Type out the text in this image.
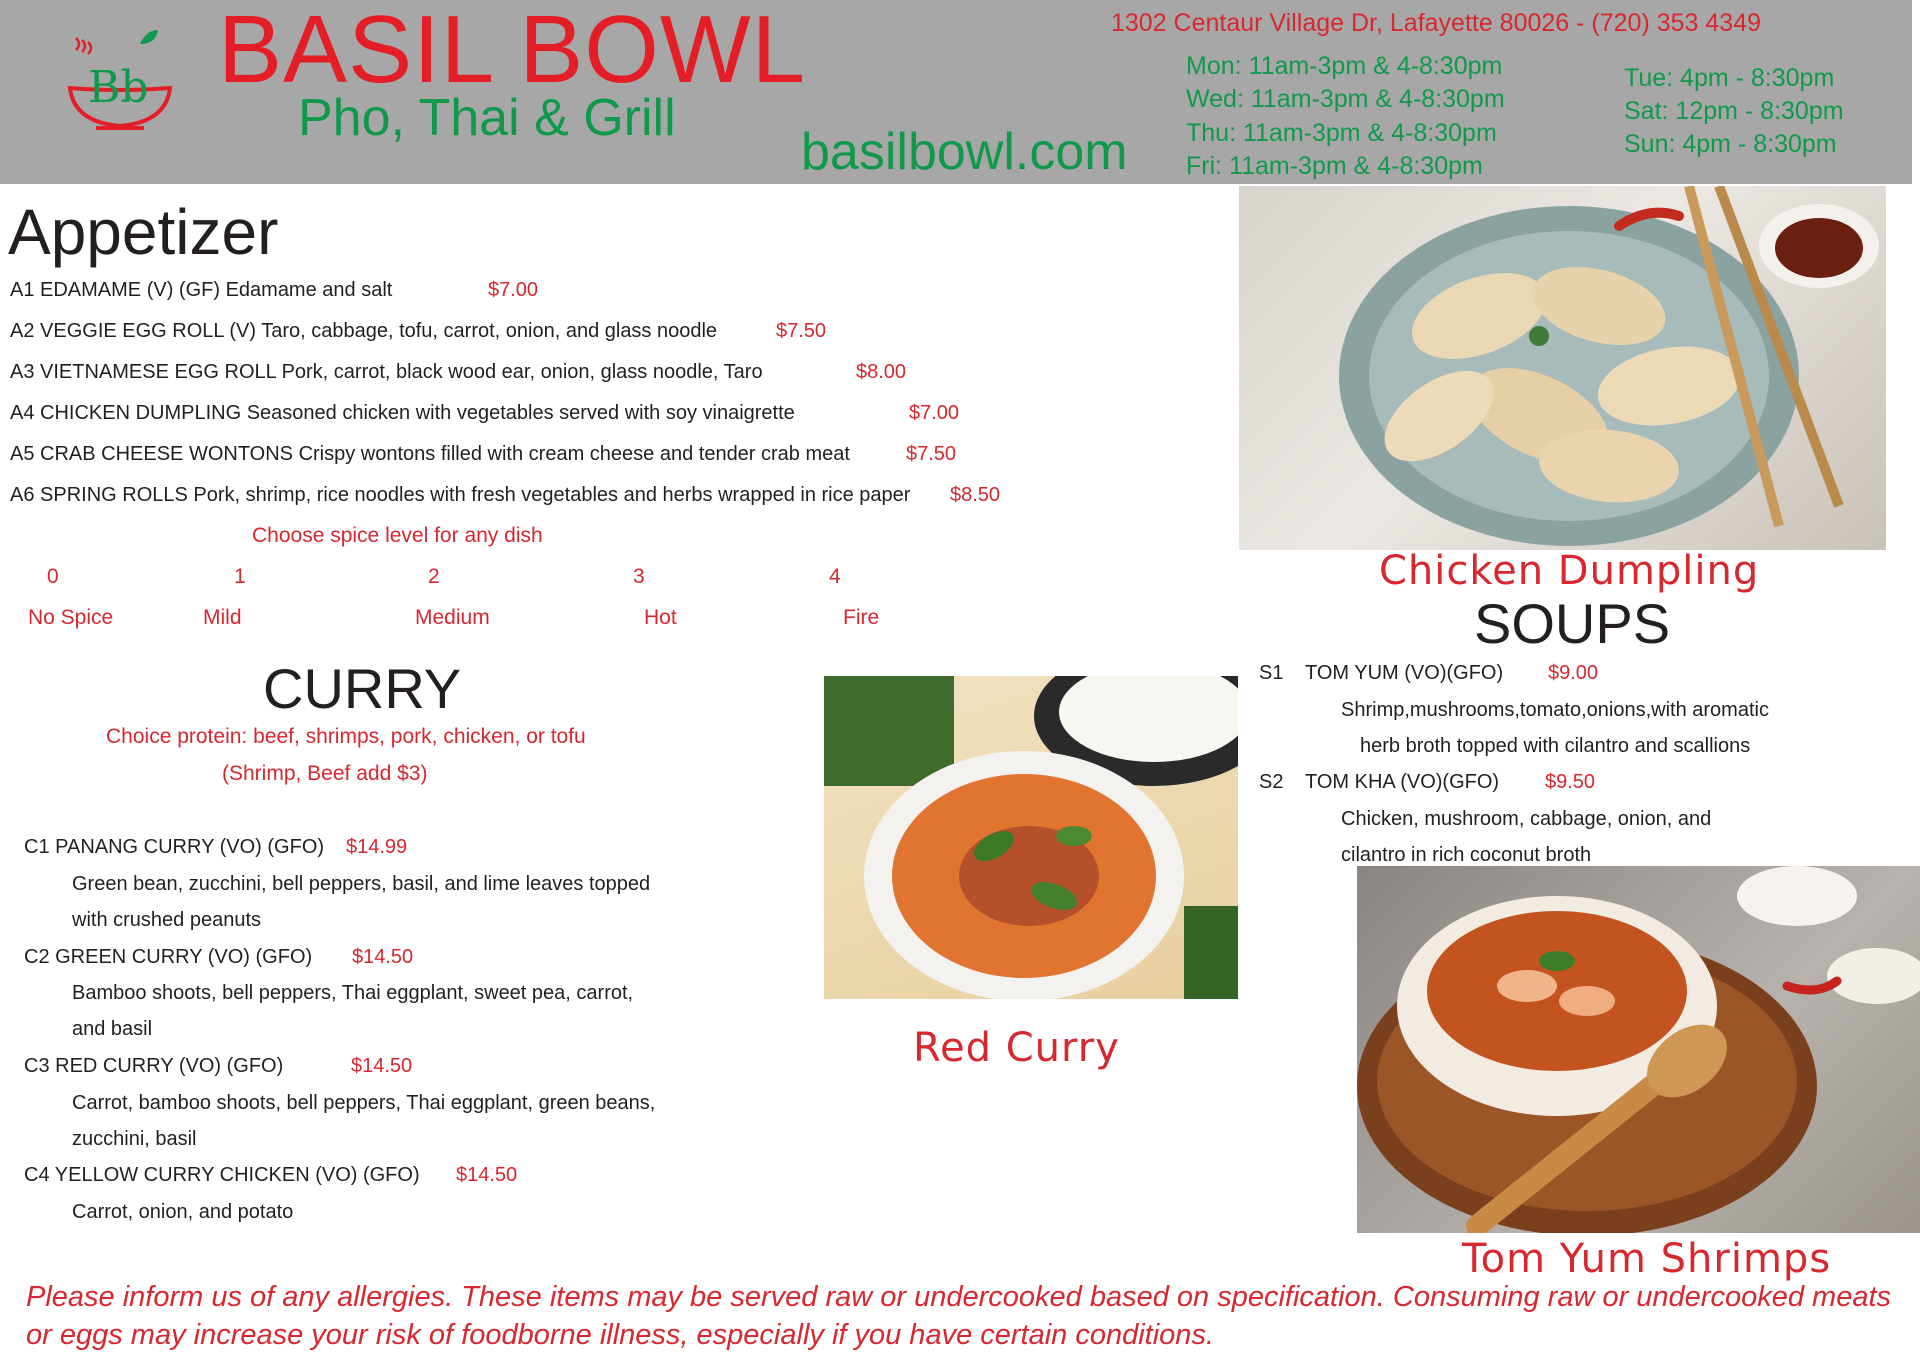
Bb BASIL BOWL
Pho, Thai & Grill
basilbowl.com
1302 Centaur Village Dr, Lafayette 80026 - (720) 353 4349
Mon: 11am-3pm & 4-8:30pm
Wed: 11am-3pm & 4-8:30pm
Thu: 11am-3pm & 4-8:30pm
Fri: 11am-3pm & 4-8:30pm
Tue: 4pm - 8:30pm
Sat: 12pm - 8:30pm
Sun: 4pm - 8:30pm
Appetizer
A1 EDAMAME (V) (GF) Edamame and salt	$7.00
A2 VEGGIE EGG ROLL (V) Taro, cabbage, tofu, carrot, onion, and glass noodle	$7.50
A3 VIETNAMESE EGG ROLL Pork, carrot, black wood ear, onion, glass noodle, Taro	$8.00
A4 CHICKEN DUMPLING Seasoned chicken with vegetables served with soy vinaigrette	$7.00
A5 CRAB CHEESE WONTONS Crispy wontons filled with cream cheese and tender crab meat	$7.50
A6 SPRING ROLLS Pork, shrimp, rice noodles with fresh vegetables and herbs wrapped in rice paper $8.50
Choose spice level for any dish
0	1	2	3	4
No Spice	Mild	Medium	Hot	Fire
CURRY
Choice protein: beef, shrimps, pork, chicken, or tofu
(Shrimp, Beef add $3)
C1 PANANG CURRY (VO) (GFO) $14.99
Green bean, zucchini, bell peppers, basil, and lime leaves topped
with crushed peanuts
C2 GREEN CURRY (VO) (GFO) $14.50
Bamboo shoots, bell peppers, Thai eggplant, sweet pea, carrot,
and basil
C3 RED CURRY (VO) (GFO)	$14.50
Carrot, bamboo shoots, bell peppers, Thai eggplant, green beans,
zucchini, basil
C4 YELLOW CURRY CHICKEN (VO) (GFO) $14.50
Carrot, onion, and potato
Chicken Dumpling
SOUPS
S1 TOM YUM (VO)(GFO) $9.00
Shrimp,mushrooms,tomato,onions,with aromatic
herb broth topped with cilantro and scallions
S2 TOM KHA (VO)(GFO) $9.50
Chicken, mushroom, cabbage, onion, and
cilantro in rich coconut broth
Red Curry
Tom Yum Shrimps
Please inform us of any allergies. These items may be served raw or undercooked based on specification. Consuming raw or undercooked meats or eggs may increase your risk of foodborne illness, especially if you have certain conditions.
